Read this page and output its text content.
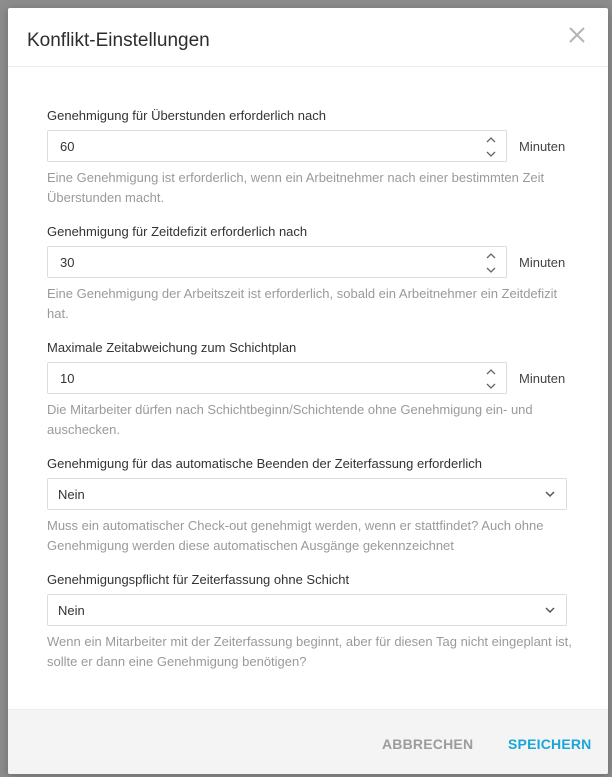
Konflikt-Einstellungen
Genehmigung für Überstunden erforderlich nach
60	Minuten
Eine Genehmigung ist erforderlich, wenn ein Arbeitnehmer nach einer bestimmten Zeit Überstunden macht.
Genehmigung für Zeitdefizit erforderlich nach
30	Minuten
Eine Genehmigung der Arbeitszeit ist erforderlich, sobald ein Arbeitnehmer ein Zeitdefizit hat.
Maximale Zeitabweichung zum Schichtplan
10	Minuten
Die Mitarbeiter dürfen nach Schichtbeginn/Schichtende ohne Genehmigung ein- und auschecken.
Genehmigung für das automatische Beenden der Zeiterfassung erforderlich
Nein
Muss ein automatischer Check-out genehmigt werden, wenn er stattfindet? Auch ohne Genehmigung werden diese automatischen Ausgänge gekennzeichnet
Genehmigungspflicht für Zeiterfassung ohne Schicht
Nein
Wenn ein Mitarbeiter mit der Zeiterfassung beginnt, aber für diesen Tag nicht eingeplant ist, sollte er dann eine Genehmigung benötigen?
ABBRECHEN SPEICHERN
